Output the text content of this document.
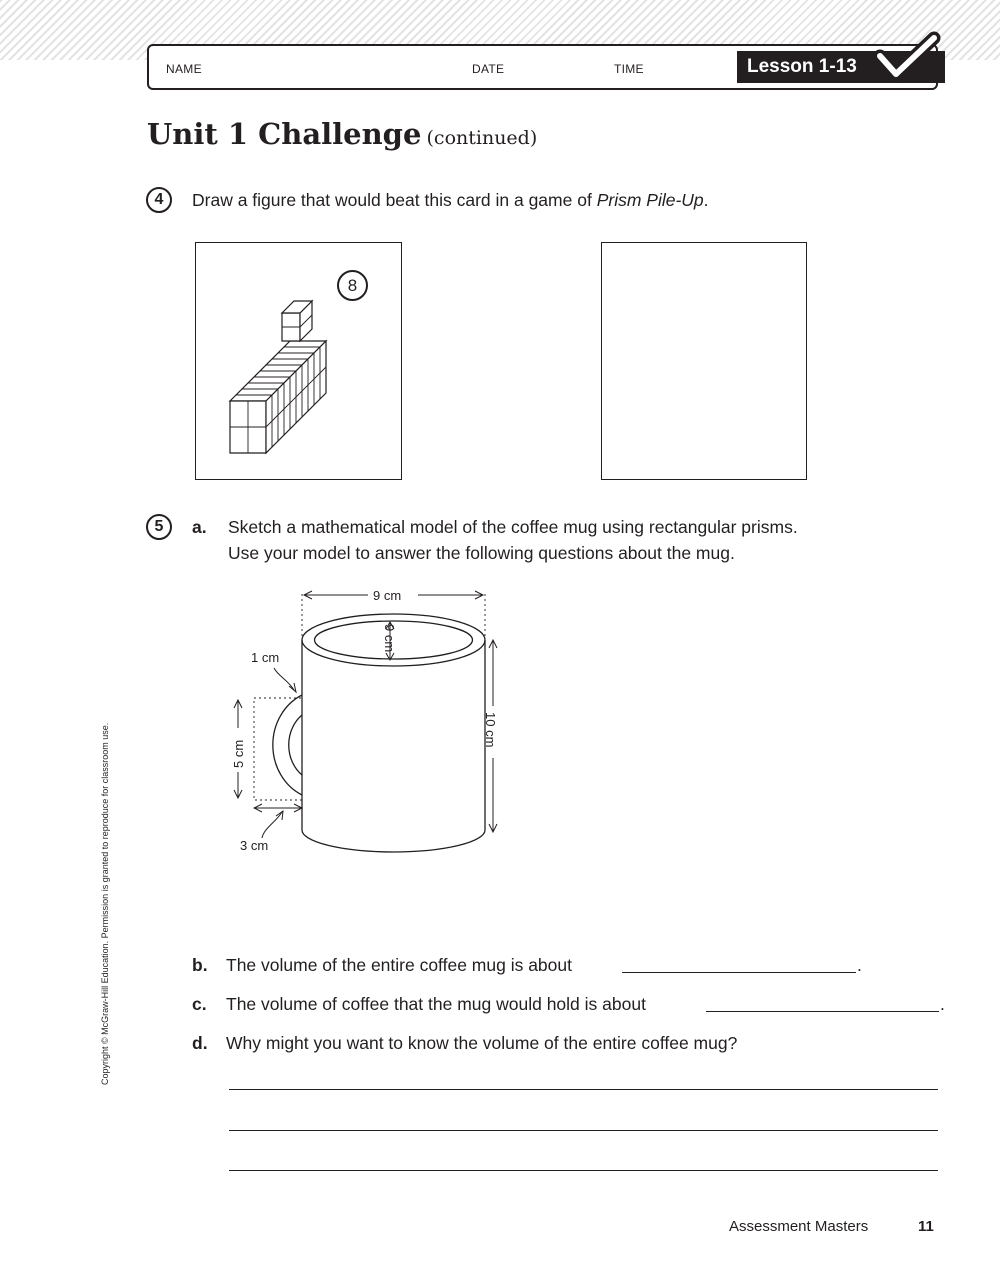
NAME	DATE	TIME	Lesson 1-13
Unit 1 Challenge (continued)
4	Draw a figure that would beat this card in a game of Prism Pile-Up.
8
5	a. Sketch a mathematical model of the coffee mug using rectangular prisms.
Use your model to answer the following questions about the mug.
9 cm
9 cm
10 cm
1 cm
5 cm
3 cm
b. The volume of the entire coffee mug is about	.
c. The volume of coffee that the mug would hold is about	.
d. Why might you want to know the volume of the entire coffee mug?
Copyright © McGraw-Hill Education. Permission is granted to reproduce for classroom use.
Assessment Masters	11
